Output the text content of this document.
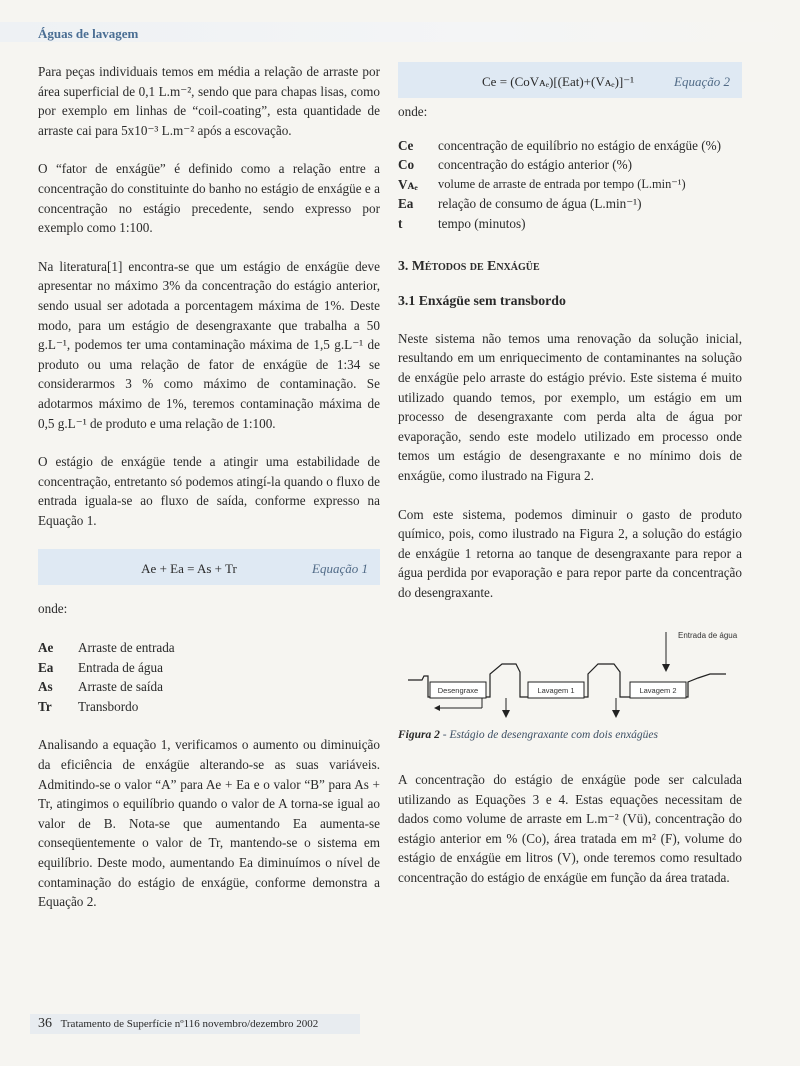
Águas de lavagem

Para peças individuais temos em média a relação de arraste por área superficial de 0,1 L.m⁻², sendo que para chapas lisas, como por exemplo em linhas de “coil-coating”, esta quantidade de arraste cai para 5x10⁻³ L.m⁻² após a escovação.

O “fator de enxágüe” é definido como a relação entre a concentração do constituinte do banho no estágio de enxágüe e a concentração no estágio precedente, sendo expresso por exemplo como 1:100.

Na literatura[1] encontra-se que um estágio de enxágüe deve apresentar no máximo 3% da concentração do estágio anterior, sendo usual ser adotada a porcentagem máxima de 1%. Deste modo, para um estágio de desengraxante que trabalha a 50 g.L⁻¹, podemos ter uma contaminação máxima de 1,5 g.L⁻¹ de produto ou uma relação de fator de enxágüe de 1:34 se considerarmos 3 % como máximo de contaminação. Se adotarmos máximo de 1%, teremos contaminação máxima de 0,5 g.L⁻¹ de produto e uma relação de 1:100.

O estágio de enxágüe tende a atingir uma estabilidade de concentração, entretanto só podemos atingí-la quando o fluxo de entrada iguala-se ao fluxo de saída, conforme expresso na Equação 1.

Ae + Ea = As + Tr	Equação 1

onde:

Ae	Arraste de entrada
Ea	Entrada de água
As	Arraste de saída
Tr	Transbordo

Analisando a equação 1, verificamos o aumento ou diminuição da eficiência de enxágüe alterando-se as suas variáveis. Admitindo-se o valor “A” para Ae + Ea e o valor “B” para As + Tr, atingimos o equilíbrio quando o valor de A torna-se igual ao valor de B. Nota-se que aumentando Ea aumenta-se conseqüentemente o valor de Tr, mantendo-se o sistema em equilíbrio. Deste modo, aumentando Ea diminuímos o nível de contaminação do estágio de enxágüe, conforme demonstra a Equação 2.

Ce = (CoVᴀₑ)[(Eat)+(Vᴀₑ)]⁻¹	Equação 2

onde:

Ce	concentração de equilíbrio no estágio de enxágüe (%)
Co	concentração do estágio anterior (%)
Vᴀₑ	volume de arraste de entrada por tempo (L.min⁻¹)
Ea	relação de consumo de água (L.min⁻¹)
t	tempo (minutos)

3. Métodos de Enxágüe

3.1 Enxágüe sem transbordo

Neste sistema não temos uma renovação da solução inicial, resultando em um enriquecimento de contaminantes na solução de enxágüe pelo arraste do estágio prévio. Este sistema é muito utilizado quando temos, por exemplo, um estágio em um processo de desengraxante com perda alta de água por evaporação, sendo este modelo utilizado em processo onde temos um estágio de desengraxante e no mínimo dois de enxágüe, como ilustrado na Figura 2.

Com este sistema, podemos diminuir o gasto de produto químico, pois, como ilustrado na Figura 2, a solução do estágio de enxágüe 1 retorna ao tanque de desengraxante para repor a água perdida por evaporação e para repor parte da concentração do desengraxante.

Entrada de água
Desengraxe	Lavagem 1	Lavagem 2

Figura 2 - Estágio de desengraxante com dois enxágües

A concentração do estágio de enxágüe pode ser calculada utilizando as Equações 3 e 4. Estas equações necessitam de dados como volume de arraste em L.m⁻² (Vü), concentração do estágio anterior em % (Co), área tratada em m² (F), volume do estágio de enxágüe em litros (V), onde teremos como resultado concentração do estágio de enxágüe em função da área tratada.

36 Tratamento de Superfície nº116 novembro/dezembro 2002
